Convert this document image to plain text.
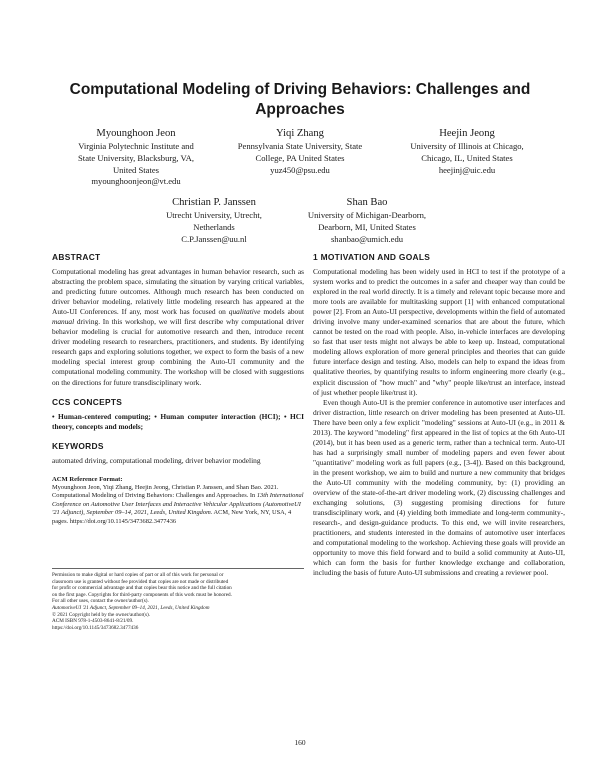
Computational Modeling of Driving Behaviors: Challenges and Approaches
Myounghoon Jeon
Virginia Polytechnic Institute and
State University, Blacksburg, VA,
United States
myounghoonjeon@vt.edu
Yiqi Zhang
Pennsylvania State University, State
College, PA United States
yuz450@psu.edu
Heejin Jeong
University of Illinois at Chicago,
Chicago, IL, United States
heejinj@uic.edu
Christian P. Janssen
Utrecht University, Utrecht,
Netherlands
C.P.Janssen@uu.nl
Shan Bao
University of Michigan-Dearborn,
Dearborn, MI, United States
shanbao@umich.edu
ABSTRACT

Computational modeling has great advantages in human behavior research, such as abstracting the problem space, simulating the situation by varying critical variables, and predicting future outcomes. Although much research has been conducted on driver behavior modeling, relatively little modeling research has appeared at the Auto-UI Conferences. If any, most work has focused on qualitative models about manual driving. In this workshop, we will first describe why computational driver behavior modeling is crucial for automotive research and then, introduce recent driver modeling research to researchers, practitioners, and students. By identifying research gaps and exploring solutions together, we expect to form the basis of a new modeling special interest group combining the Auto-UI community and the computational modeling community. The workshop will be closed with suggestions on the directions for future transdisciplinary work.

CCS CONCEPTS

• Human-centered computing; • Human computer interaction (HCI); • HCI theory, concepts and models;

KEYWORDS

automated driving, computational modeling, driver behavior modeling

ACM Reference Format:

Myounghoon Jeon, Yiqi Zhang, Heejin Jeong, Christian P. Janssen, and Shan Bao. 2021. Computational Modeling of Driving Behaviors: Challenges and Approaches. In 13th International Conference on Automotive User Interfaces and Interactive Vehicular Applications (AutomotiveUI '21 Adjunct), September 09–14, 2021, Leeds, United Kingdom. ACM, New York, NY, USA, 4 pages. https://doi.org/10.1145/3473682.3477436

Permission to make digital or hard copies of part or all of this work for personal or
classroom use is granted without fee provided that copies are not made or distributed
for profit or commercial advantage and that copies bear this notice and the full citation
on the first page. Copyrights for third-party components of this work must be honored.
For all other uses, contact the owner/author(s).
AutomotiveUI '21 Adjunct, September 09–14, 2021, Leeds, United Kingdom
© 2021 Copyright held by the owner/author(s).
ACM ISBN 978-1-4503-8641-8/21/09.
https://doi.org/10.1145/3473682.3477436
1 MOTIVATION AND GOALS

Computational modeling has been widely used in HCI to test if the prototype of a system works and to predict the outcomes in a safer and cheaper way than could be explored in the real world directly. It is a timely and relevant topic because more and more tools are available for multitasking support [1] with enhanced computational power [2]. From an Auto-UI perspective, developments within the field of automated driving involve many under-examined scenarios that are about the future, which cannot be tested on the road with people. Also, in-vehicle interfaces are developing so fast that user tests might not always be able to keep up. Instead, computational modeling allows exploration of more general principles and theories that can guide future interface design and testing. Also, models can help to expand the ideas from qualitative theories, by quantifying results to inform engineering more clearly (e.g., explicit discussion of "how much" and "why" people like/trust an interface, instead of just whether people like/trust it).

Even though Auto-UI is the premier conference in automotive user interfaces and driver distraction, little research on driver modeling has been presented at Auto-UI. There have been only a few explicit "modeling" sessions at Auto-UI (e.g., in 2011 & 2013). The keyword "modeling" first appeared in the list of topics at the 6th Auto-UI (2014), but it has been used as a generic term, rather than a technical term. Auto-UI has had a surprisingly small number of modeling papers and even fewer about "quantitative" modeling work as full papers (e.g., [3-4]). Based on this background, in the present workshop, we aim to build and nurture a new community that bridges the Auto-UI community with the modeling community, by: (1) providing an overview of the state-of-the-art driver modeling work, (2) discussing challenges and exchanging solutions, (3) suggesting promising directions for future transdisciplinary work, and (4) yielding both immediate and long-term community-, research-, and design-guidance products. To this end, we will invite researchers, practitioners, and students interested in the domains of automotive user interfaces and computational modeling to the workshop. Achieving these goals will provide an opportunity to move this field forward and to build a solid community at Auto-UI, which can form the basis for further knowledge exchange and collaboration, including the basis of future Auto-UI submissions and creating a reviewer pool.

160
